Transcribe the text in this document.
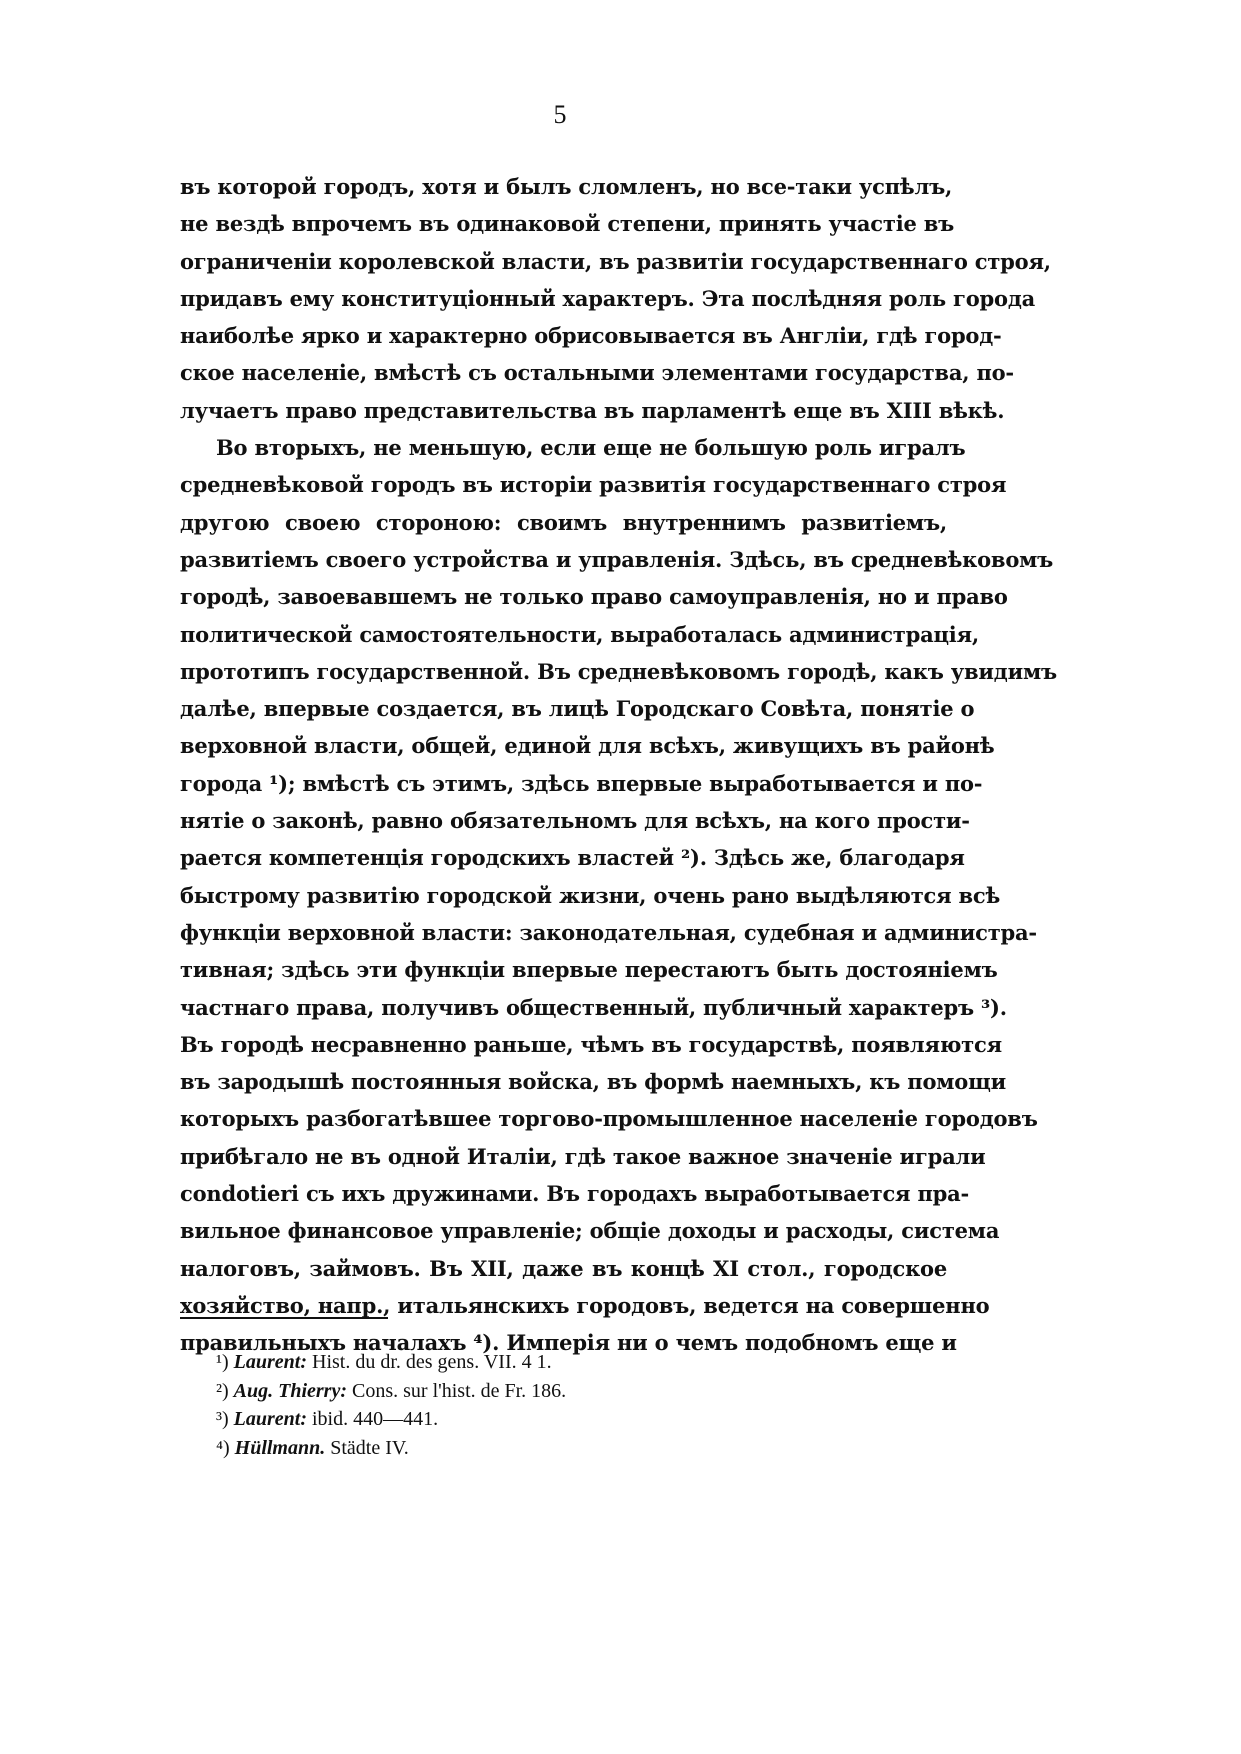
5
въ которой городъ, хотя и былъ сломленъ, но все-таки успѣлъ,
не вездѣ впрочемъ въ одинаковой степени, принять участіе въ
ограниченіи королевской власти, въ развитіи государственнаго строя,
придавъ ему конституціонный характеръ. Эта послѣдняя роль города
наиболѣе ярко и характерно обрисовывается въ Англіи, гдѣ город-
ское населеніе, вмѣстѣ съ остальными элементами государства, по-
лучаетъ право представительства въ парламентѣ еще въ XIII вѣкѣ.
Во вторыхъ, не меньшую, если еще не большую роль игралъ
средневѣковой городъ въ исторіи развитія государственнаго строя
другою своею стороною: своимъ внутреннимъ развитіемъ,
развитіемъ своего устройства и управленія. Здѣсь, въ средневѣковомъ
городѣ, завоевавшемъ не только право самоуправленія, но и право
политической самостоятельности, выработалась администрація,
прототипъ государственной. Въ средневѣковомъ городѣ, какъ увидимъ
далѣе, впервые создается, въ лицѣ Городскаго Совѣта, понятіе о
верховной власти, общей, единой для всѣхъ, живущихъ въ районѣ
города ¹); вмѣстѣ съ этимъ, здѣсь впервые выработывается и по-
нятіе о законѣ, равно обязательномъ для всѣхъ, на кого прости-
рается компетенція городскихъ властей ²). Здѣсь же, благодаря
быстрому развитію городской жизни, очень рано выдѣляются всѣ
функціи верховной власти: законодательная, судебная и администра-
тивная; здѣсь эти функціи впервые перестаютъ быть достояніемъ
частнаго права, получивъ общественный, публичный характеръ ³).
Въ городѣ несравненно раньше, чѣмъ въ государствѣ, появляются
въ зародышѣ постоянныя войска, въ формѣ наемныхъ, къ помощи
которыхъ разбогатѣвшее торгово-промышленное населеніе городовъ
прибѣгало не въ одной Италіи, гдѣ такое важное значеніе играли
condotieri съ ихъ дружинами. Въ городахъ выработывается пра-
вильное финансовое управленіе; общіе доходы и расходы, система
налоговъ, займовъ. Въ XII, даже въ концѣ XI стол., городское
хозяйство, напр., итальянскихъ городовъ, ведется на совершенно
правильныхъ началахъ ⁴). Имперія ни о чемъ подобномъ еще и
¹) Laurent: Hist. du dr. des gens. VII. 4 1.
²) Aug. Thierry: Cons. sur l'hist. de Fr. 186.
³) Laurent: ibid. 440—441.
⁴) Hüllmann. Städte IV.
